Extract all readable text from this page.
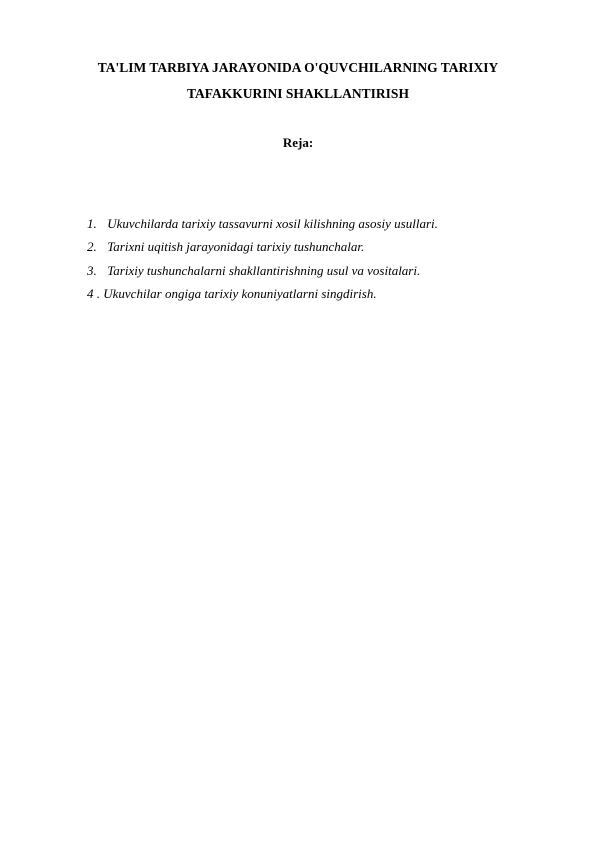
TA'LIM TARBIYA JARAYONIDA O'QUVCHILARNING TARIXIY
TAFAKKURINI SHAKLLANTIRISH
Reja:
1. Ukuvchilarda tarixiy tassavurni xosil kilishning asosiy usullari.
2. Tarixni uqitish jarayonidagi tarixiy tushunchalar.
3. Tarixiy tushunchalarni shakllantirishning usul va vositalari.
4 . Ukuvchilar ongiga tarixiy konuniyatlarni singdirish.
